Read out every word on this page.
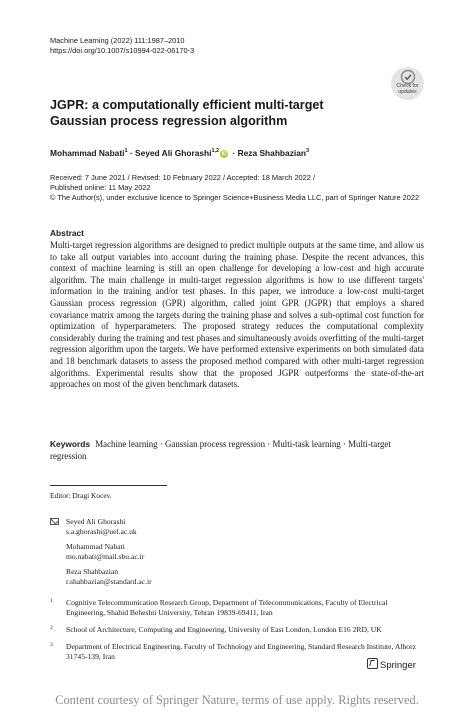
Machine Learning (2022) 111:1987–2010
https://doi.org/10.1007/s10994-022-06170-3
Check for
updates
JGPR: a computationally efficient multi-target Gaussian process regression algorithm
Mohammad Nabati$^1$ · Seyed Ali Ghorashi$^{1,2}$ iD · Reza Shahbazian$^3$
Received: 7 June 2021 / Revised: 10 February 2022 / Accepted: 18 March 2022 /
Published online: 11 May 2022
© The Author(s), under exclusive licence to Springer Science+Business Media LLC, part of Springer Nature 2022
Abstract

Multi-target regression algorithms are designed to predict multiple outputs at the same time, and allow us to take all output variables into account during the training phase. Despite the recent advances, this context of machine learning is still an open challenge for developing a low-cost and high accurate algorithm. The main challenge in multi-target regression algorithms is how to use different targets' information in the training and/or test phases. In this paper, we introduce a low-cost multi-target Gaussian process regression (GPR) algorithm, called joint GPR (JGPR) that employs a shared covariance matrix among the targets during the training phase and solves a sub-optimal cost function for optimization of hyperparameters. The proposed strategy reduces the computational complexity considerably during the training and test phases and simultaneously avoids overfitting of the multi-target regression algorithm upon the targets. We have performed extensive experiments on both simulated data and 18 benchmark datasets to assess the proposed method compared with other multi-target regression algorithms. Experimental results show that the proposed JGPR outperforms the state-of-the-art approaches on most of the given benchmark datasets.

Keywords Machine learning · Gaussian process regression · Multi-task learning · Multi-target regression
Editor: Dragi Kocev.
Seyed Ali Ghorashi
s.a.ghorashi@uel.ac.uk
Mohammad Nabati
mo.nabati@mail.sbu.ac.ir
Reza Shahbazian
r.shahbazian@standard.ac.ir
1 Cognitive Telecommunication Research Group, Department of Telecommunications, Faculty of Electrical Engineering, Shahid Beheshti University, Tehran 19839-69411, Iran
2 School of Architecture, Computing and Engineering, University of East London, London E16 2RD, UK
3 Department of Electrical Engineering, Faculty of Technology and Engineering, Standard Research Institute, Alborz 31745-139, Iran
Springer
Content courtesy of Springer Nature, terms of use apply. Rights reserved.
